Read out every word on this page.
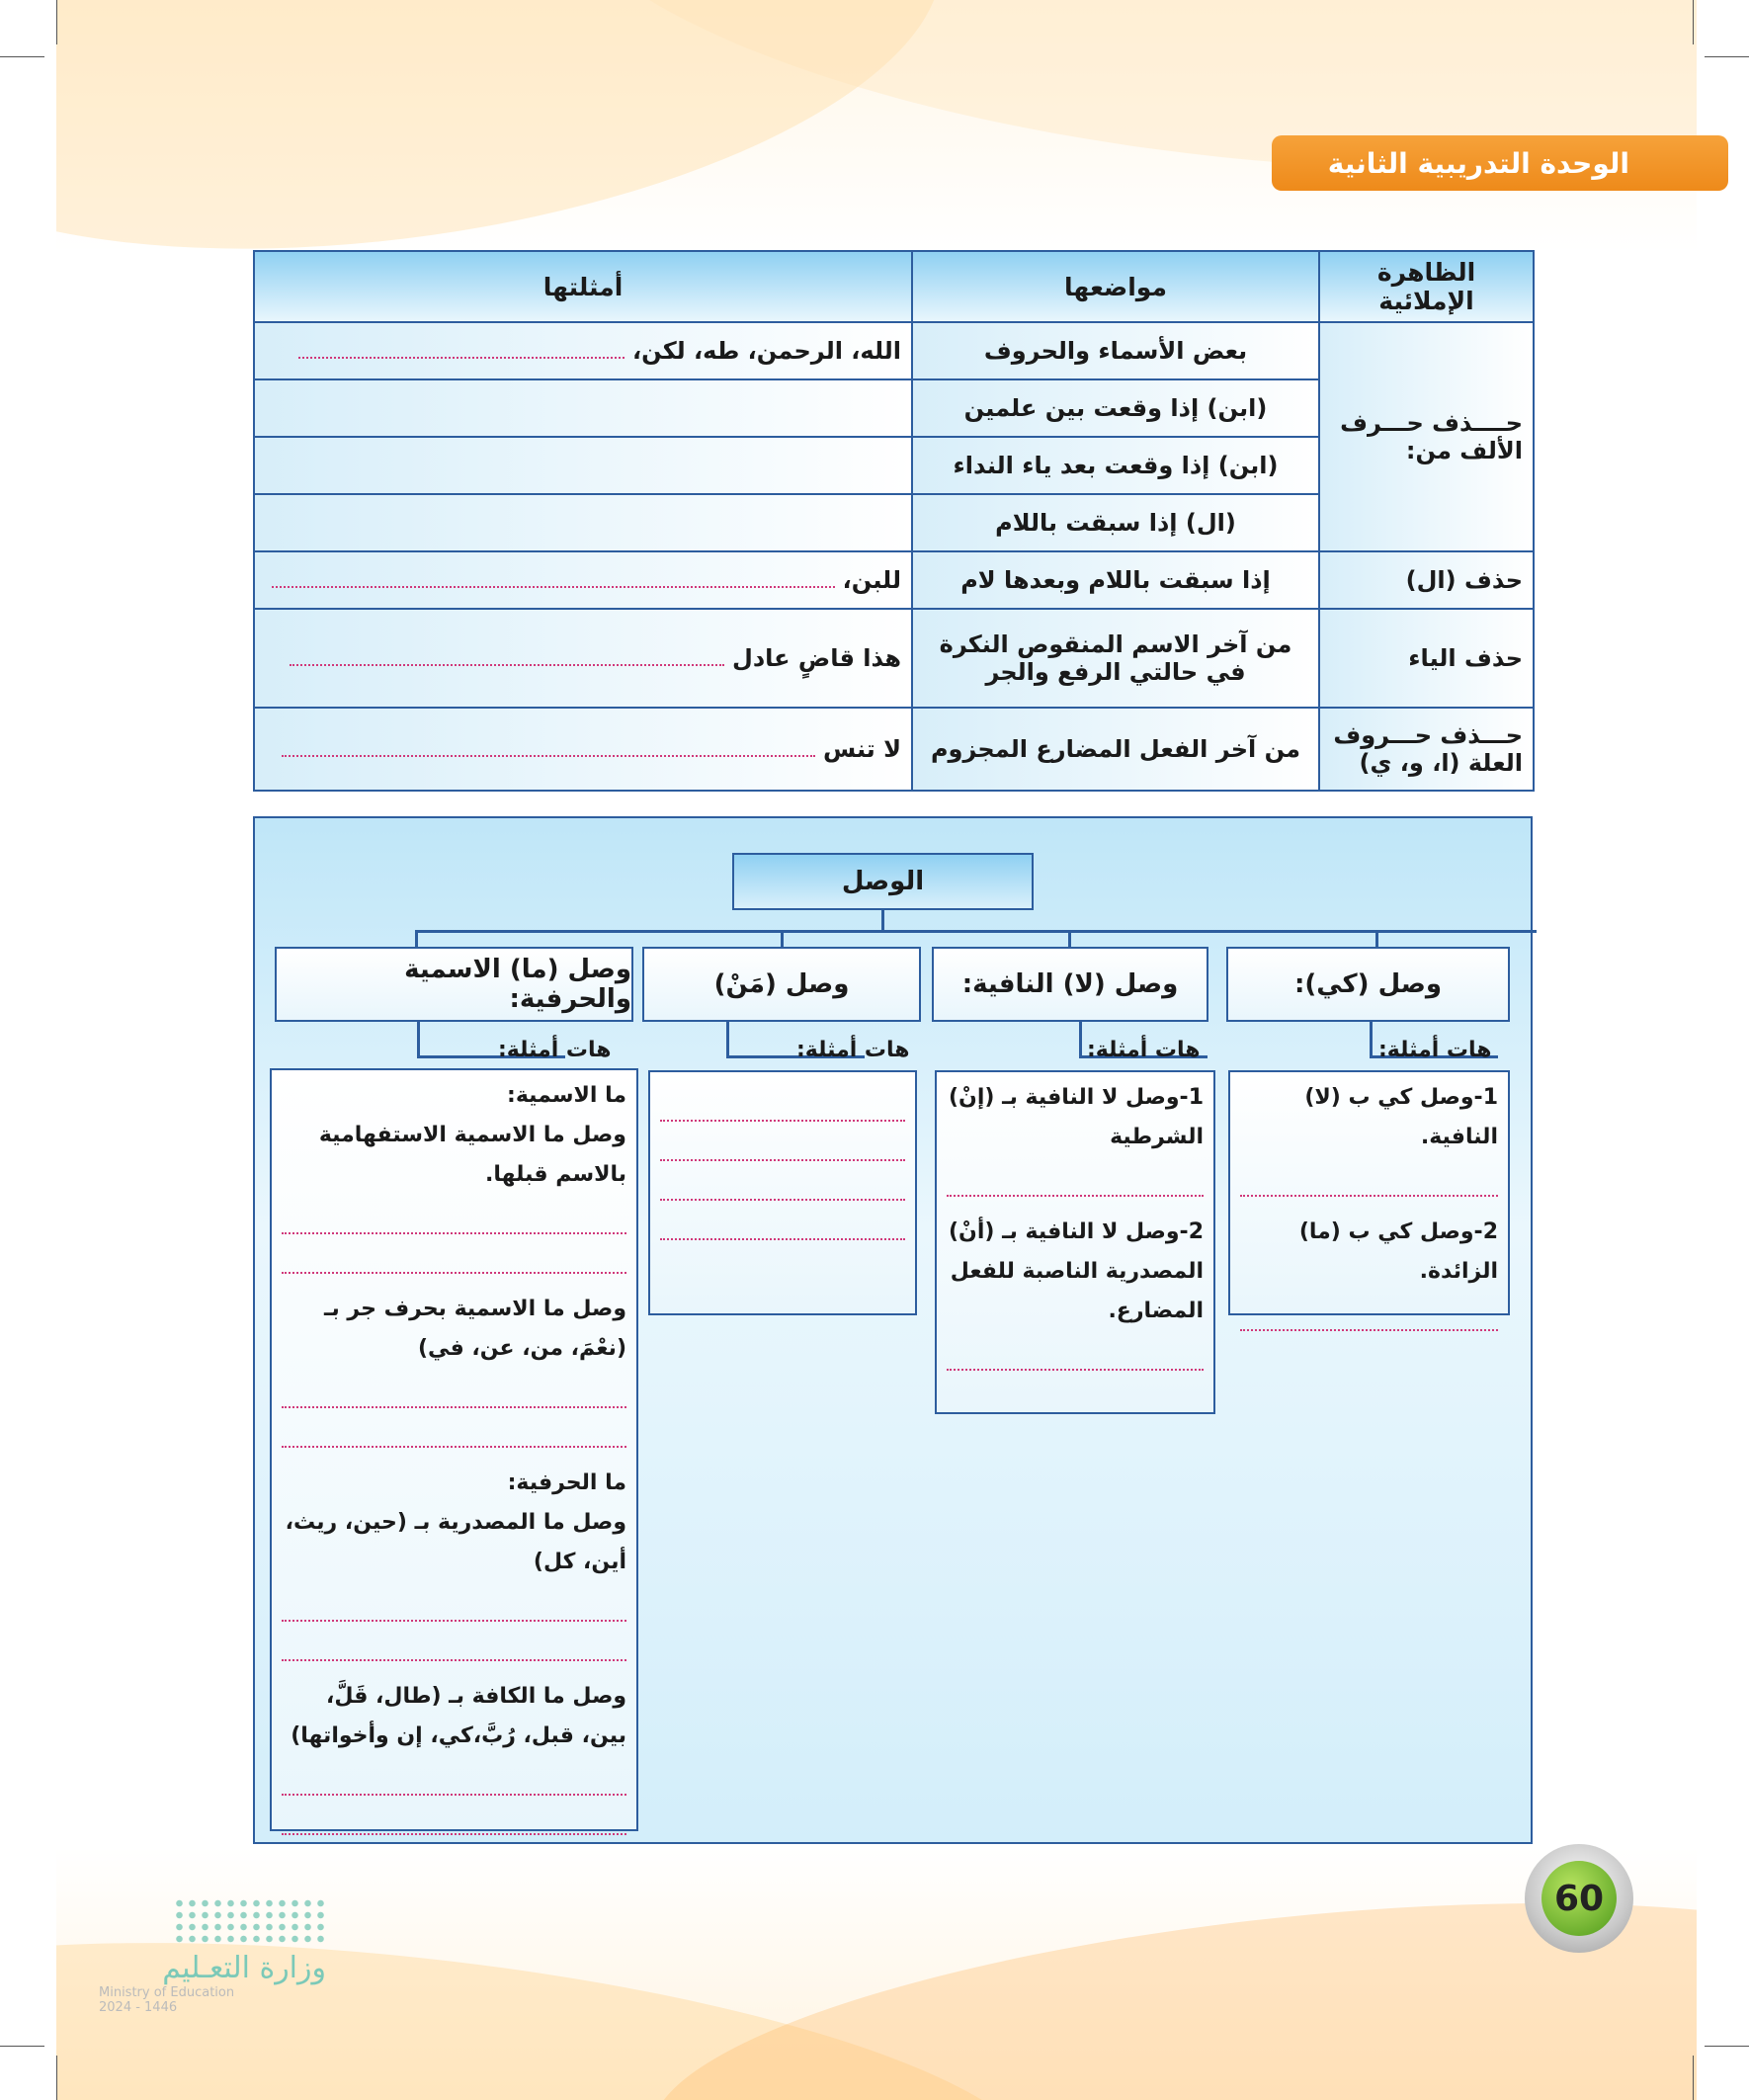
الوحدة التدريبية الثانية
الظاهرة الإملائية	مواضعها	أمثلتها
حــــذف حـــرف الألف من:	بعض الأسماء والحروف	الله، الرحمن، طه، لكن،
	(ابن) إذا وقعت بين علمين	
	(ابن) إذا وقعت بعد ياء النداء	
	(ال) إذا سبقت باللام	
حذف (ال)	إذا سبقت باللام وبعدها لام	للبن،
حذف الياء	من آخر الاسم المنقوص النكرة في حالتي الرفع والجر	هذا قاضٍ عادل
حـــذف حـــروف العلة (ا، و، ي)	من آخر الفعل المضارع المجزوم	لا تنس
الوصل
وصل (كي):
وصل (لا) النافية:
وصل (مَنْ)
وصل (ما) الاسمية والحرفية:
هات أمثلة:
هات أمثلة:
هات أمثلة:
هات أمثلة:
1-وصل كي ب (لا) النافية.
2-وصل كي ب (ما) الزائدة.
1-وصل لا النافية بـ (إنْ) الشرطية
2-وصل لا النافية بـ (أنْ) المصدرية الناصبة للفعل المضارع.
ما الاسمية:
وصل ما الاسمية الاستفهامية بالاسم قبلها.
وصل ما الاسمية بحرف جر بـ (نعْمَ، من، عن، في)
ما الحرفية:
وصل ما المصدرية بـ (حين، ريث، أين، كل)
وصل ما الكافة بـ (طال، قَلَّ، بين، قبل، رُبَّ،كي، إن وأخواتها)
60
وزارة التعـليم
Ministry of Education
2024 - 1446
